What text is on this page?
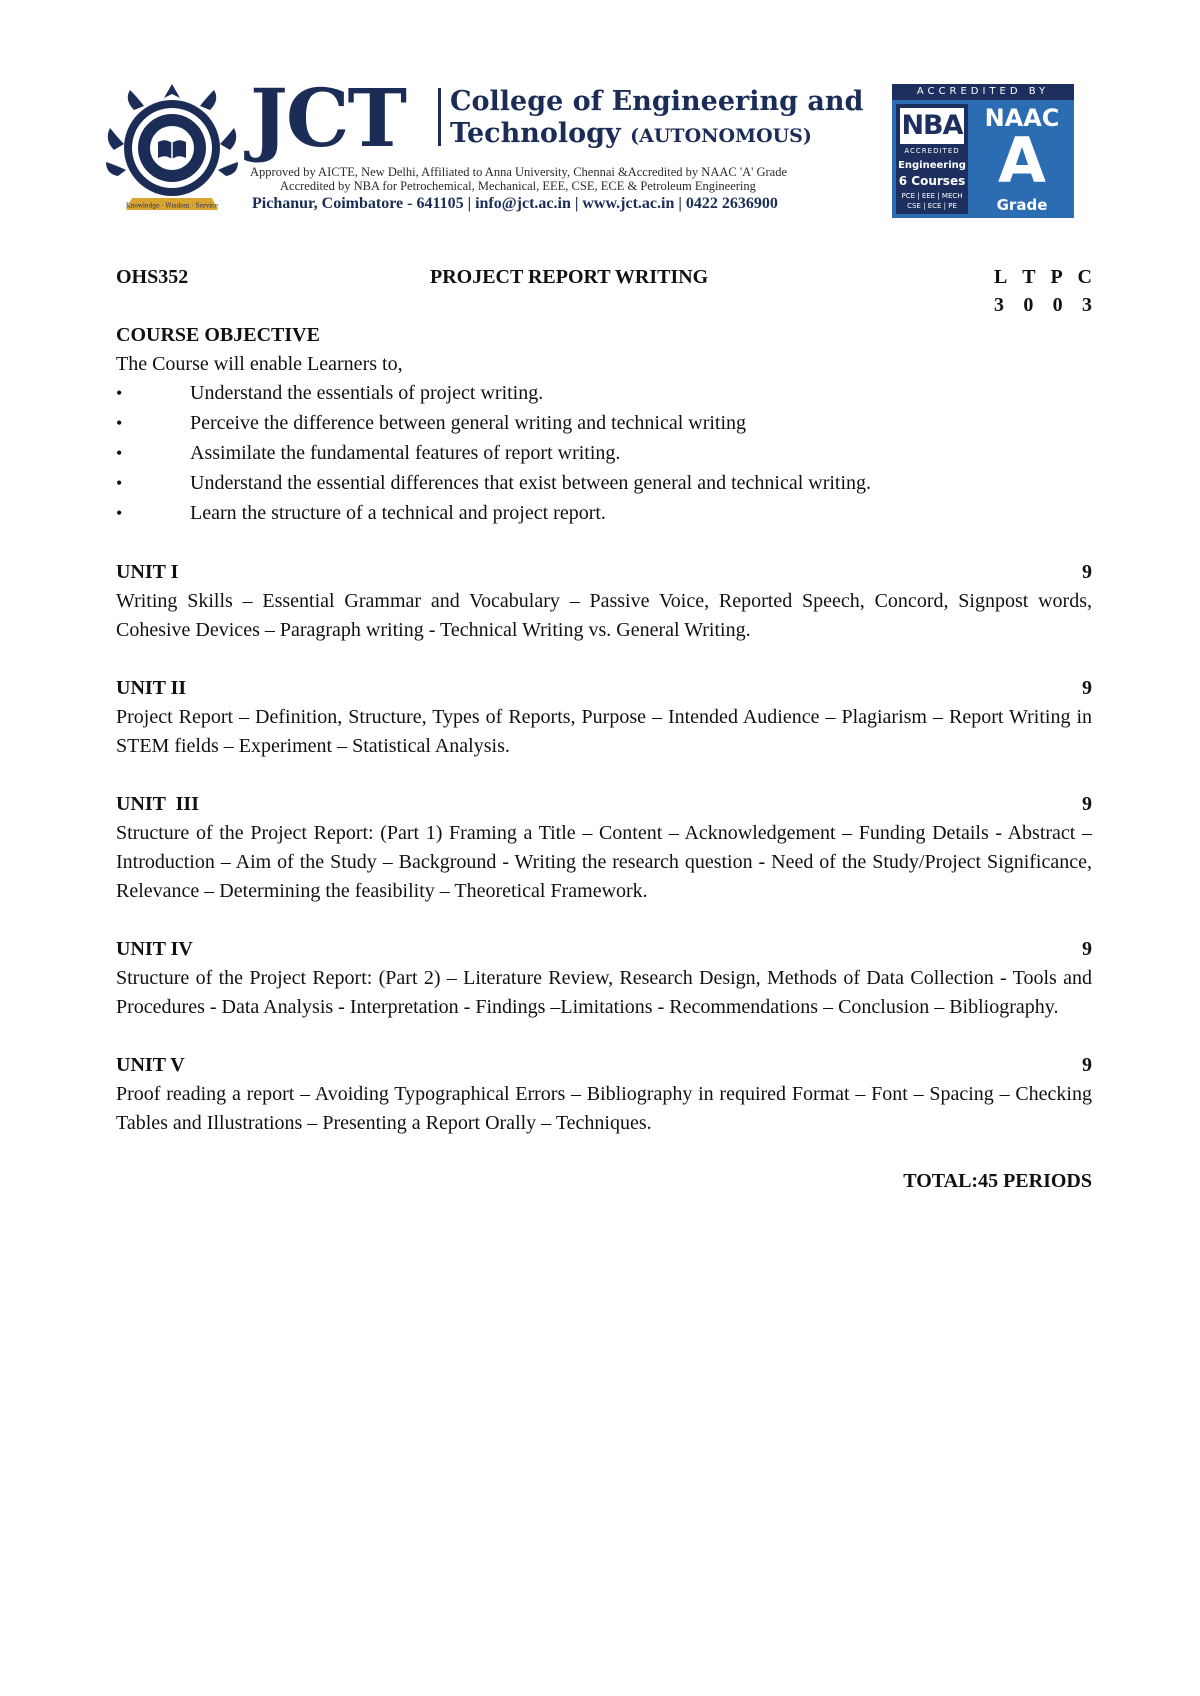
Knowledge · Wisdom · Service
JCT College of Engineering and
Technology (AUTONOMOUS)
Approved by AICTE, New Delhi, Affiliated to Anna University, Chennai &Accredited by NAAC 'A' Grade
Accredited by NBA for Petrochemical, Mechanical, EEE, CSE, ECE & Petroleum Engineering
Pichanur, Coimbatore - 641105 | info@jct.ac.in | www.jct.ac.in | 0422 2636900
ACCREDITED BY
NBA
ACCREDITED
Engineering
6 Courses
PCE | EEE | MECH
CSE | ECE | PE
NAAC
A
Grade
OHS352	PROJECT REPORT WRITING	L T P C
3 0 0 3
COURSE OBJECTIVE

The Course will enable Learners to,

•	Understand the essentials of project writing.
•	Perceive the difference between general writing and technical writing
•	Assimilate the fundamental features of report writing.
•	Understand the essential differences that exist between general and technical writing.
•	Learn the structure of a technical and project report.
UNIT I	9

Writing Skills – Essential Grammar and Vocabulary – Passive Voice, Reported Speech, Concord, Signpost words, Cohesive Devices – Paragraph writing - Technical Writing vs. General Writing.

UNIT II	9

Project Report – Definition, Structure, Types of Reports, Purpose – Intended Audience – Plagiarism – Report Writing in STEM fields – Experiment – Statistical Analysis.

UNIT  III	9

Structure of the Project Report: (Part 1) Framing a Title – Content – Acknowledgement – Funding Details - Abstract – Introduction – Aim of the Study – Background - Writing the research question - Need of the Study/Project Significance, Relevance – Determining the feasibility – Theoretical Framework.

UNIT IV	9

Structure of the Project Report: (Part 2) – Literature Review, Research Design, Methods of Data Collection - Tools and Procedures - Data Analysis - Interpretation - Findings –Limitations - Recommendations – Conclusion – Bibliography.

UNIT V	9

Proof reading a report – Avoiding Typographical Errors – Bibliography in required Format – Font – Spacing – Checking Tables and Illustrations – Presenting a Report Orally – Techniques.

TOTAL:45 PERIODS
